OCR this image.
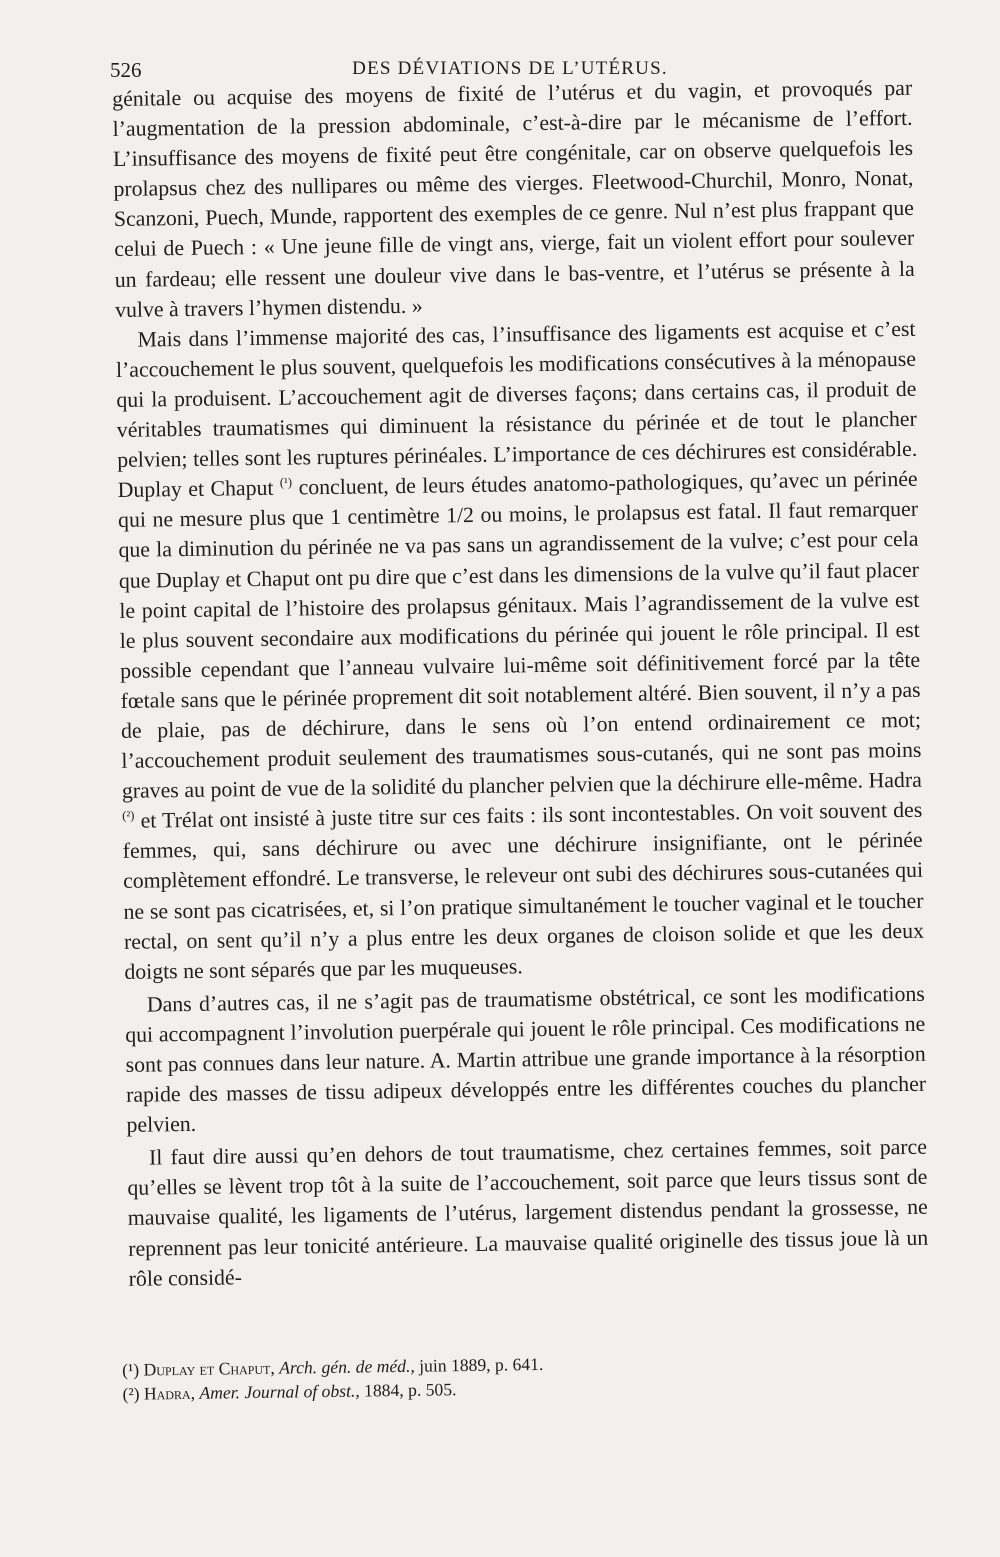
526	DES DÉVIATIONS DE L’UTÉRUS.

génitale ou acquise des moyens de fixité de l’utérus et du vagin, et provoqués par l’augmentation de la pression abdominale, c’est-à-dire par le mécanisme de l’effort. L’insuffisance des moyens de fixité peut être congénitale, car on observe quelquefois les prolapsus chez des nullipares ou même des vierges. Fleetwood-Churchil, Monro, Nonat, Scanzoni, Puech, Munde, rapportent des exemples de ce genre. Nul n’est plus frappant que celui de Puech : « Une jeune fille de vingt ans, vierge, fait un violent effort pour soulever un fardeau; elle ressent une douleur vive dans le bas-ventre, et l’utérus se présente à la vulve à travers l’hymen distendu. »

Mais dans l’immense majorité des cas, l’insuffisance des ligaments est acquise et c’est l’accouchement le plus souvent, quelquefois les modifications consécutives à la ménopause qui la produisent. L’accouchement agit de diverses façons; dans certains cas, il produit de véritables traumatismes qui diminuent la résistance du périnée et de tout le plancher pelvien; telles sont les ruptures périnéales. L’importance de ces déchirures est considérable. Duplay et Chaput $^{(^1)}$ concluent, de leurs études anatomo-pathologiques, qu’avec un périnée qui ne mesure plus que 1 centimètre 1/2 ou moins, le prolapsus est fatal. Il faut remarquer que la diminution du périnée ne va pas sans un agrandissement de la vulve; c’est pour cela que Duplay et Chaput ont pu dire que c’est dans les dimensions de la vulve qu’il faut placer le point capital de l’histoire des prolapsus génitaux. Mais l’agrandissement de la vulve est le plus souvent secondaire aux modifications du périnée qui jouent le rôle principal. Il est possible cependant que l’anneau vulvaire lui-même soit définitivement forcé par la tête fœtale sans que le périnée proprement dit soit notablement altéré. Bien souvent, il n’y a pas de plaie, pas de déchirure, dans le sens où l’on entend ordinairement ce mot; l’accouchement produit seulement des traumatismes sous-cutanés, qui ne sont pas moins graves au point de vue de la solidité du plancher pelvien que la déchirure elle-même. Hadra $^{(^2)}$ et Trélat ont insisté à juste titre sur ces faits : ils sont incontestables. On voit souvent des femmes, qui, sans déchirure ou avec une déchirure insignifiante, ont le périnée complètement effondré. Le transverse, le releveur ont subi des déchirures sous-cutanées qui ne se sont pas cicatrisées, et, si l’on pratique simultanément le toucher vaginal et le toucher rectal, on sent qu’il n’y a plus entre les deux organes de cloison solide et que les deux doigts ne sont séparés que par les muqueuses.

Dans d’autres cas, il ne s’agit pas de traumatisme obstétrical, ce sont les modifications qui accompagnent l’involution puerpérale qui jouent le rôle principal. Ces modifications ne sont pas connues dans leur nature. A. Martin attribue une grande importance à la résorption rapide des masses de tissu adipeux développés entre les différentes couches du plancher pelvien.

Il faut dire aussi qu’en dehors de tout traumatisme, chez certaines femmes, soit parce qu’elles se lèvent trop tôt à la suite de l’accouchement, soit parce que leurs tissus sont de mauvaise qualité, les ligaments de l’utérus, largement distendus pendant la grossesse, ne reprennent pas leur tonicité antérieure. La mauvaise qualité originelle des tissus joue là un rôle considé-

(¹) Duplay et Chaput, Arch. gén. de méd., juin 1889, p. 641.
(²) Hadra, Amer. Journal of obst., 1884, p. 505.
